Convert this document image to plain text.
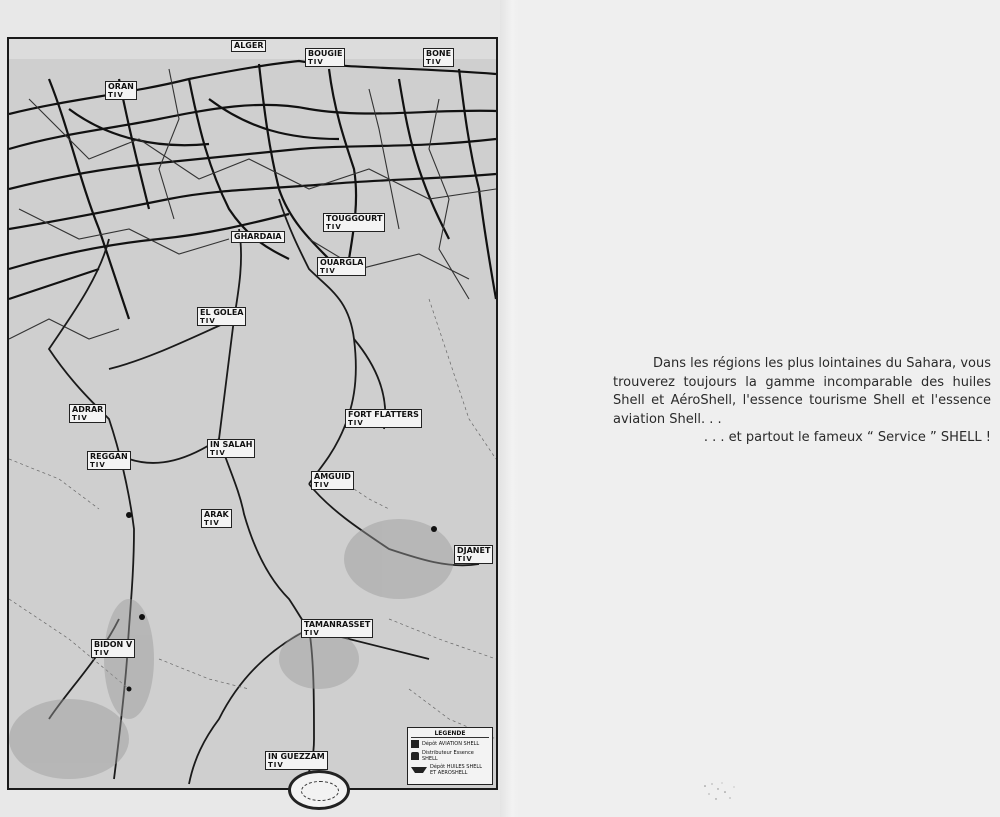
ALGER
BOUGIE
TIV
BONE
TIV
ORAN
TIV
TOUGGOURT
TIV
GHARDAIA
OUARGLA
TIV
EL GOLEA
TIV
ADRAR
TIV
REGGAN
TIV
IN SALAH
TIV
FORT FLATTERS
TIV
AMGUID
TIV
ARAK
TIV
DJANET
TIV
TAMANRASSET
TIV
BIDON V
TIV
IN GUEZZAM
TIV
LEGENDE
Dépôt AVIATION SHELL
Distributeur Essence SHELL
Dépôt HUILES SHELL ET AEROSHELL

Dans les régions les plus lointaines du Sahara, vous trouverez toujours la gamme incomparable des huiles Shell et AéroShell, l'essence tourisme Shell et l'essence aviation Shell. . .

. . . et partout le fameux “ Service ” SHELL !
